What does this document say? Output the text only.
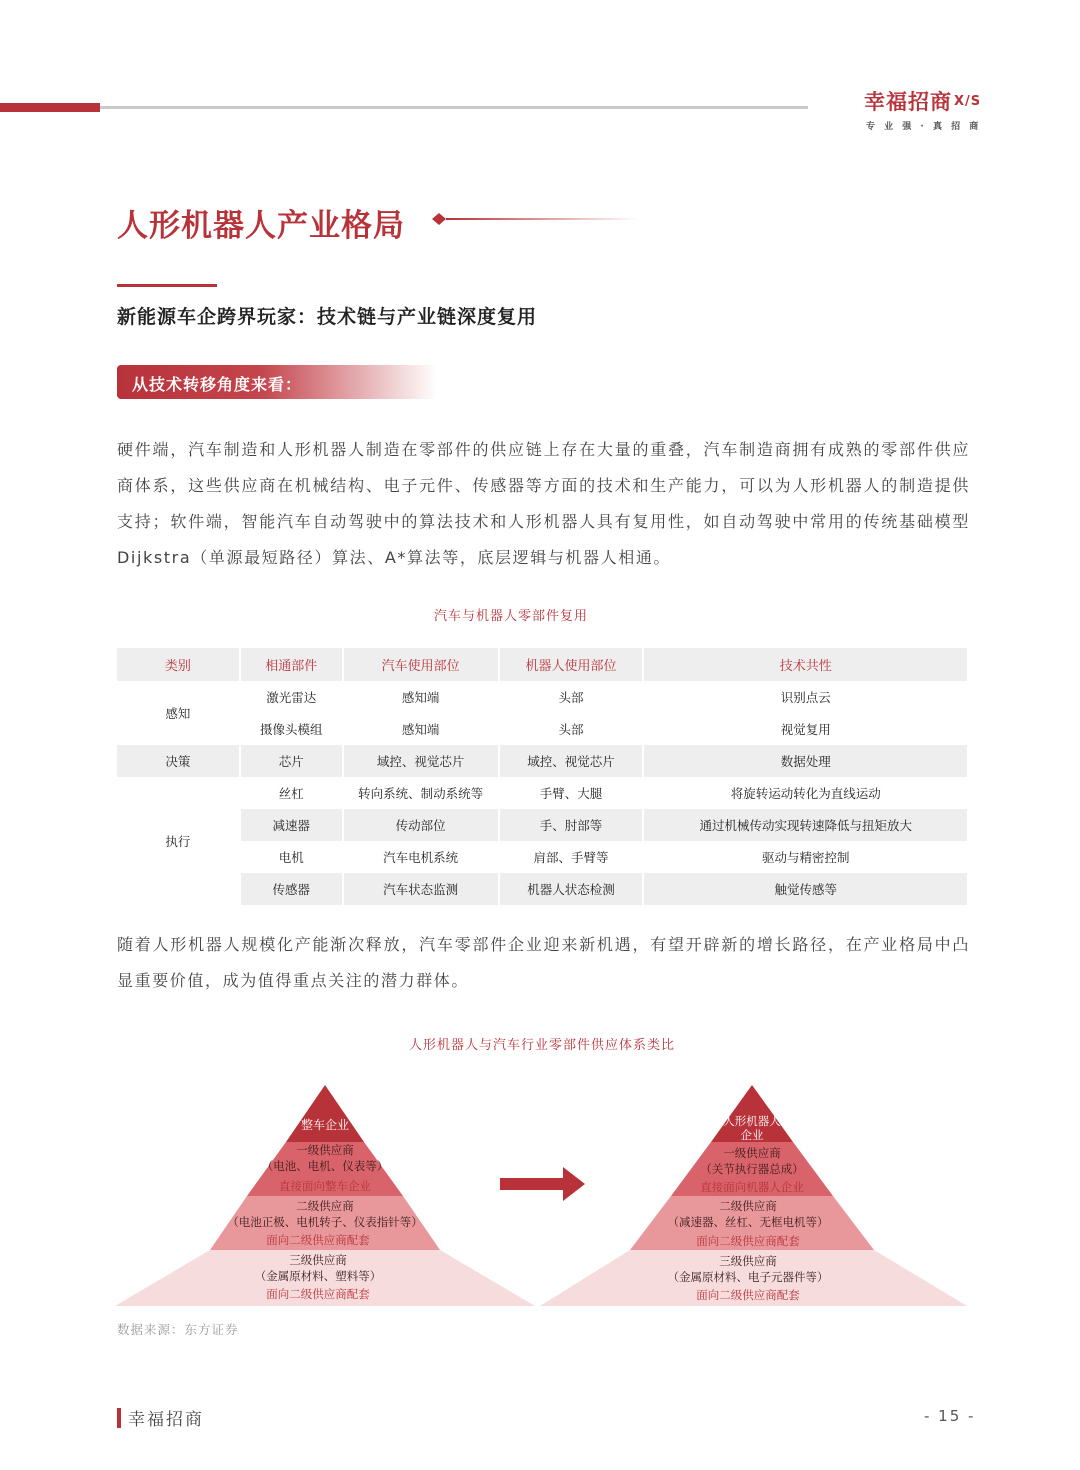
幸福招商 X/S
专 业 强 · 真 招 商
人形机器人产业格局
新能源车企跨界玩家：技术链与产业链深度复用
从技术转移角度来看：

硬件端，汽车制造和人形机器人制造在零部件的供应链上存在大量的重叠，汽车制造商拥有成熟的零部件供应商体系，这些供应商在机械结构、电子元件、传感器等方面的技术和生产能力，可以为人形机器人的制造提供支持；软件端，智能汽车自动驾驶中的算法技术和人形机器人具有复用性，如自动驾驶中常用的传统基础模型Dijkstra（单源最短路径）算法、A*算法等，底层逻辑与机器人相通。

汽车与机器人零部件复用
类别	相通部件	汽车使用部位	机器人使用部位	技术共性
感知	激光雷达	感知端	头部	识别点云
	摄像头模组	感知端	头部	视觉复用
决策	芯片	域控、视觉芯片	域控、视觉芯片	数据处理
执行	丝杠	转向系统、制动系统等	手臂、大腿	将旋转运动转化为直线运动
	减速器	传动部位	手、肘部等	通过机械传动实现转速降低与扭矩放大
	电机	汽车电机系统	肩部、手臂等	驱动与精密控制
	传感器	汽车状态监测	机器人状态检测	触觉传感等

随着人形机器人规模化产能渐次释放，汽车零部件企业迎来新机遇，有望开辟新的增长路径，在产业格局中凸显重要价值，成为值得重点关注的潜力群体。

人形机器人与汽车行业零部件供应体系类比
整车企业
一级供应商
（电池、电机、仪表等）
直接面向整车企业
二级供应商
（电池正极、电机转子、仪表指针等）
面向二级供应商配套
三级供应商
（金属原材料、塑料等）
面向二级供应商配套
人形机器人
企业
一级供应商
（关节执行器总成）
直接面向机器人企业
二级供应商
（减速器、丝杠、无框电机等）
面向二级供应商配套
三级供应商
（金属原材料、电子元器件等）
面向二级供应商配套
数据来源：东方证券
幸福招商	- 15 -
